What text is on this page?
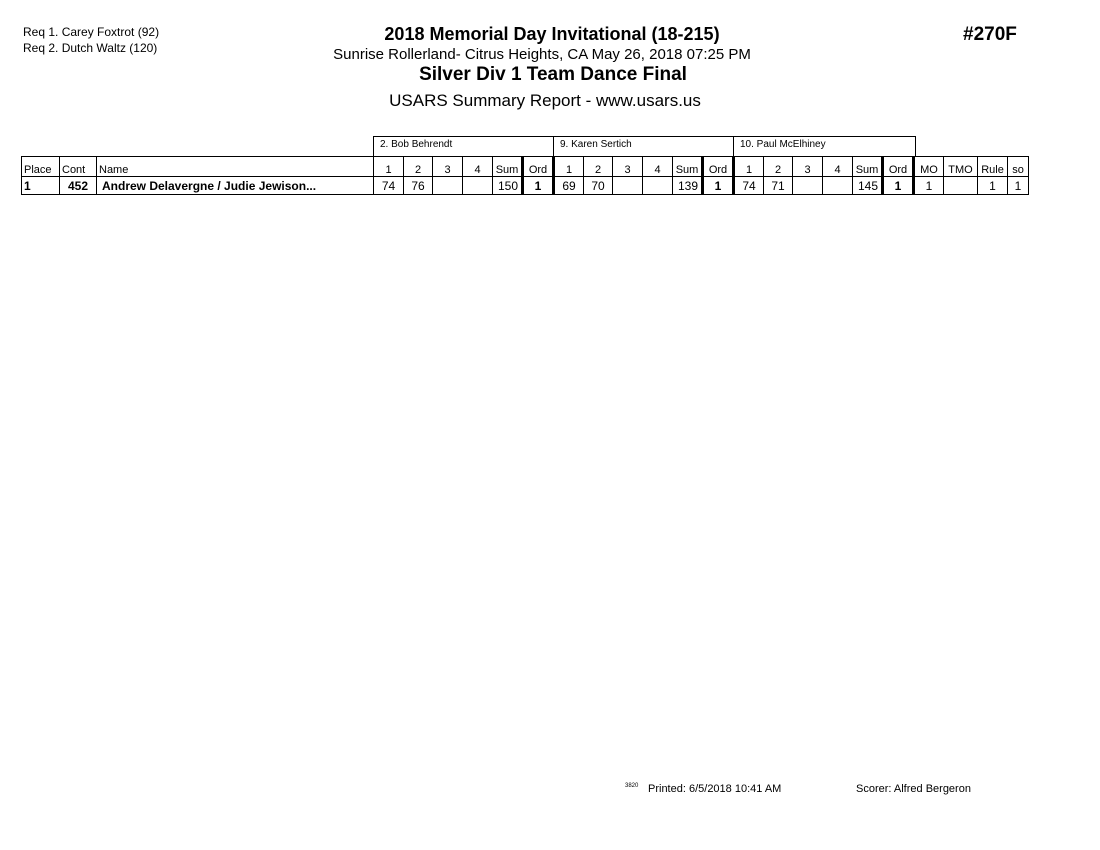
Req 1. Carey Foxtrot (92)
Req 2. Dutch Waltz (120)
2018 Memorial Day Invitational (18-215)
Sunrise Rollerland- Citrus Heights, CA May 26, 2018 07:25 PM
Silver Div 1 Team Dance Final
USARS Summary Report - www.usars.us
#270F
2. Bob Behrendt	9. Karen Sertich	10. Paul McElhiney
Place	Cont	Name	1	2	3	4	Sum	Ord	1	2	3	4	Sum	Ord	1	2	3	4	Sum	Ord	MO	TMO	Rule	so
1	452	Andrew Delavergne / Judie Jewison...	74	76			150	1	69	70			139	1	74	71			145	1	1		1	1
3820 Printed: 6/5/2018 10:41 AM	Scorer: Alfred Bergeron
